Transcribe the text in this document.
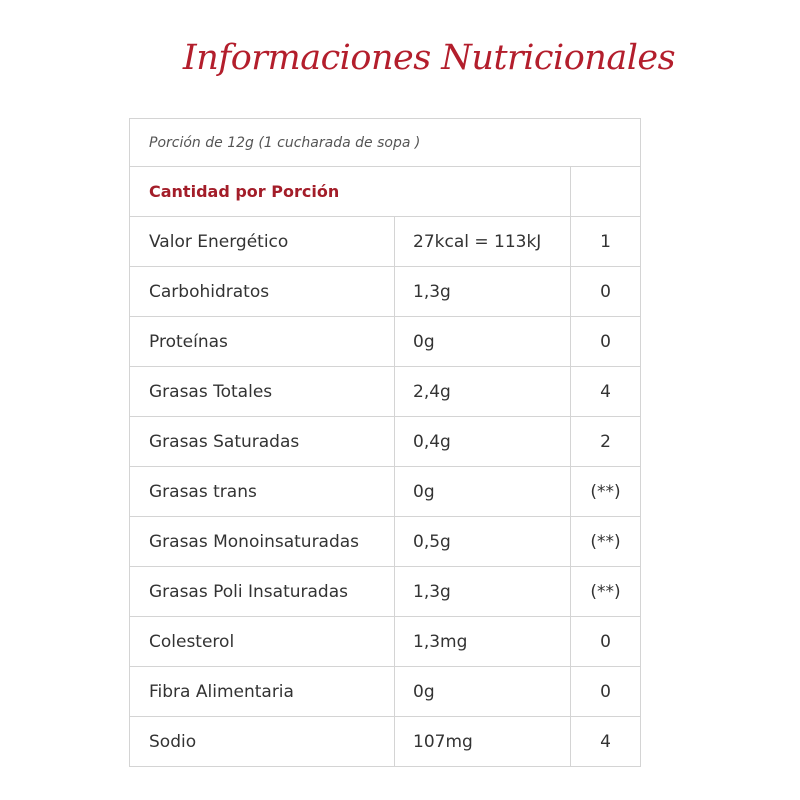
Informaciones Nutricionales
Porción de 12g (1 cucharada de sopa )		
Cantidad por Porción		
Valor Energético	27kcal = 113kJ	1
Carbohidratos	1,3g	0
Proteínas	0g	0
Grasas Totales	2,4g	4
Grasas Saturadas	0,4g	2
Grasas trans	0g	(**)
Grasas Monoinsaturadas	0,5g	(**)
Grasas Poli Insaturadas	1,3g	(**)
Colesterol	1,3mg	0
Fibra Alimentaria	0g	0
Sodio	107mg	4
